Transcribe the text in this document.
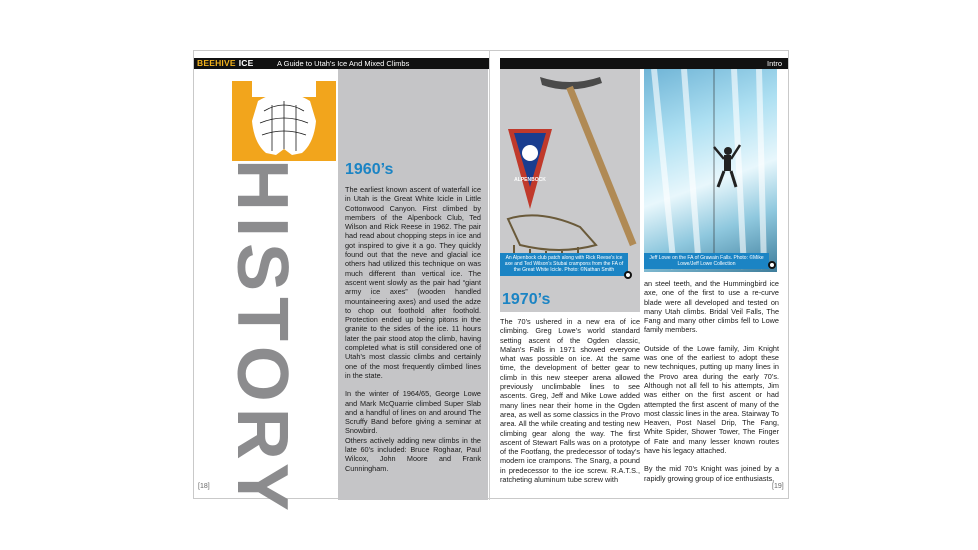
BEEHIVE ICE	A Guide to Utah's Ice And Mixed Climbs	Intro
HISTORY	1960’s

The earliest known ascent of waterfall ice in Utah is the Great White Icicle in Little Cottonwood Canyon. First climbed by members of the Alpenbock Club, Ted Wilson and Rick Reese in 1962. The pair had read about chopping steps in ice and got inspired to give it a go. They quickly found out that the neve and glacial ice others had utilized this technique on was much different than vertical ice. The ascent went slowly as the pair had “giant army ice axes” (wooden handled mountaineering axes) and used the adze to chop out foothold after foothold. Protection ended up being pitons in the granite to the sides of the ice. 11 hours later the pair stood atop the climb, having completed what is still considered one of Utah’s most classic climbs and certainly one of the most frequently climbed lines in the state.

In the winter of 1964/65, George Lowe and Mark McQuarrie climbed Super Slab and a handful of lines on and around The Scruffy Band before giving a seminar at Snowbird.

Others actively adding new climbs in the late 60’s included: Bruce Roghaar, Paul Wilcox, John Moore and Frank Cunningham.

[18]
ALPENBOCK
An Alpenbock club patch along with Rick Reese's ice axe and Ted Wilson's Stubai crampons from the FA of the Great White Icicle. Photo: ©Nathan Smith
Jeff Lowe on the FA of Grawain Falls. Photo: ©Mike Lowe/Jeff Lowe Collection
1970’s

The 70’s ushered in a new era of ice climbing. Greg Lowe’s world standard setting ascent of the Ogden classic, Malan’s Falls in 1971 showed everyone what was possible on ice. At the same time, the development of better gear to climb in this new steeper arena allowed previously unclimbable lines to see ascents. Greg, Jeff and Mike Lowe added many lines near their home in the Ogden area, as well as some classics in the Provo area. All the while creating and testing new climbing gear along the way. The first ascent of Stewart Falls was on a prototype of the Footfang, the predecessor of today’s modern ice crampons. The Snarg, a pound in predecessor to the ice screw. R.A.T.S., ratcheting aluminum tube screw with

an steel teeth, and the Hummingbird ice axe, one of the first to use a re-curve blade were all developed and tested on many Utah climbs. Bridal Veil Falls, The Fang and many other climbs fell to Lowe family members.

Outside of the Lowe family, Jim Knight was one of the earliest to adopt these new techniques, putting up many lines in the Provo area during the early 70’s. Although not all fell to his attempts, Jim was either on the first ascent or had attempted the first ascent of many of the most classic lines in the area. Stairway To Heaven, Post Nasel Drip, The Fang, White Spider, Shower Tower, The Finger of Fate and many lesser known routes have his legacy attached.

By the mid 70’s Knight was joined by a rapidly growing group of ice enthusiasts,

[19]
